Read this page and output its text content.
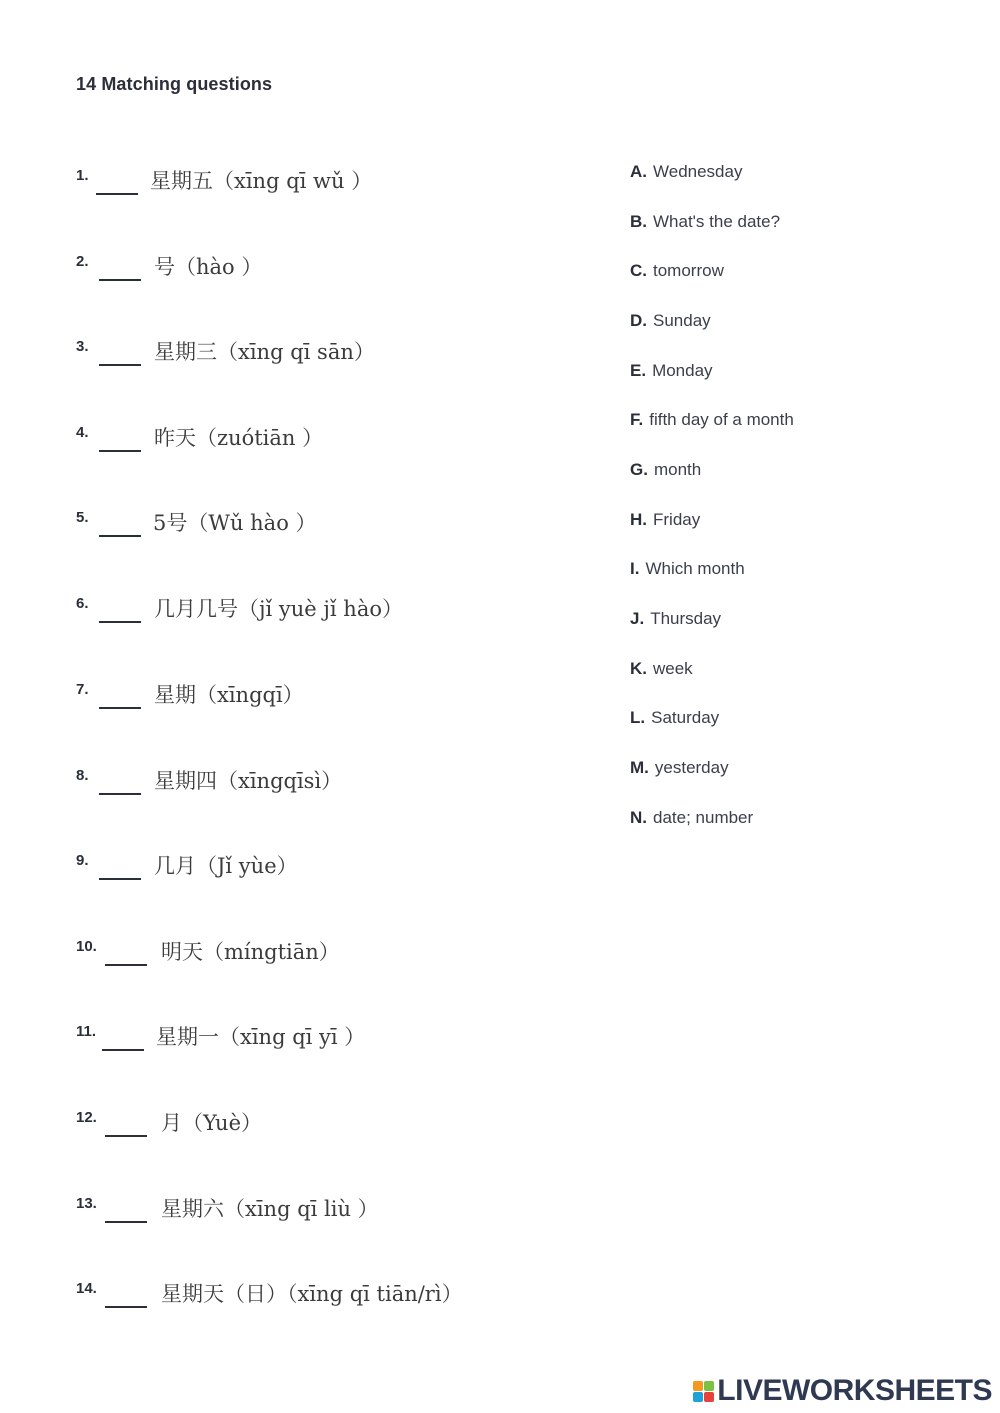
14 Matching questions
1.	星期五（xīng qī wǔ ）
2.	号（hào ）
3.	星期三（xīng qī sān）
4.	昨天（zuótiān ）
5.	5号（Wǔ hào ）
6.	几月几号（jǐ yuè jǐ hào）
7.	星期（xīngqī）
8.	星期四（xīngqīsì）
9.	几月（Jǐ yùe）
10.	明天（míngtiān）
11.	星期一（xīng qī yī ）
12.	月（Yuè）
13.	星期六（xīng qī liù ）
14.	星期天（日）（xīng qī tiān/rì）
A. Wednesday
B. What's the date?
C. tomorrow
D. Sunday
E. Monday
F. fifth day of a month
G. month
H. Friday
I. Which month
J. Thursday
K. week
L. Saturday
M. yesterday
N. date; number
LIVEWORKSHEETS
